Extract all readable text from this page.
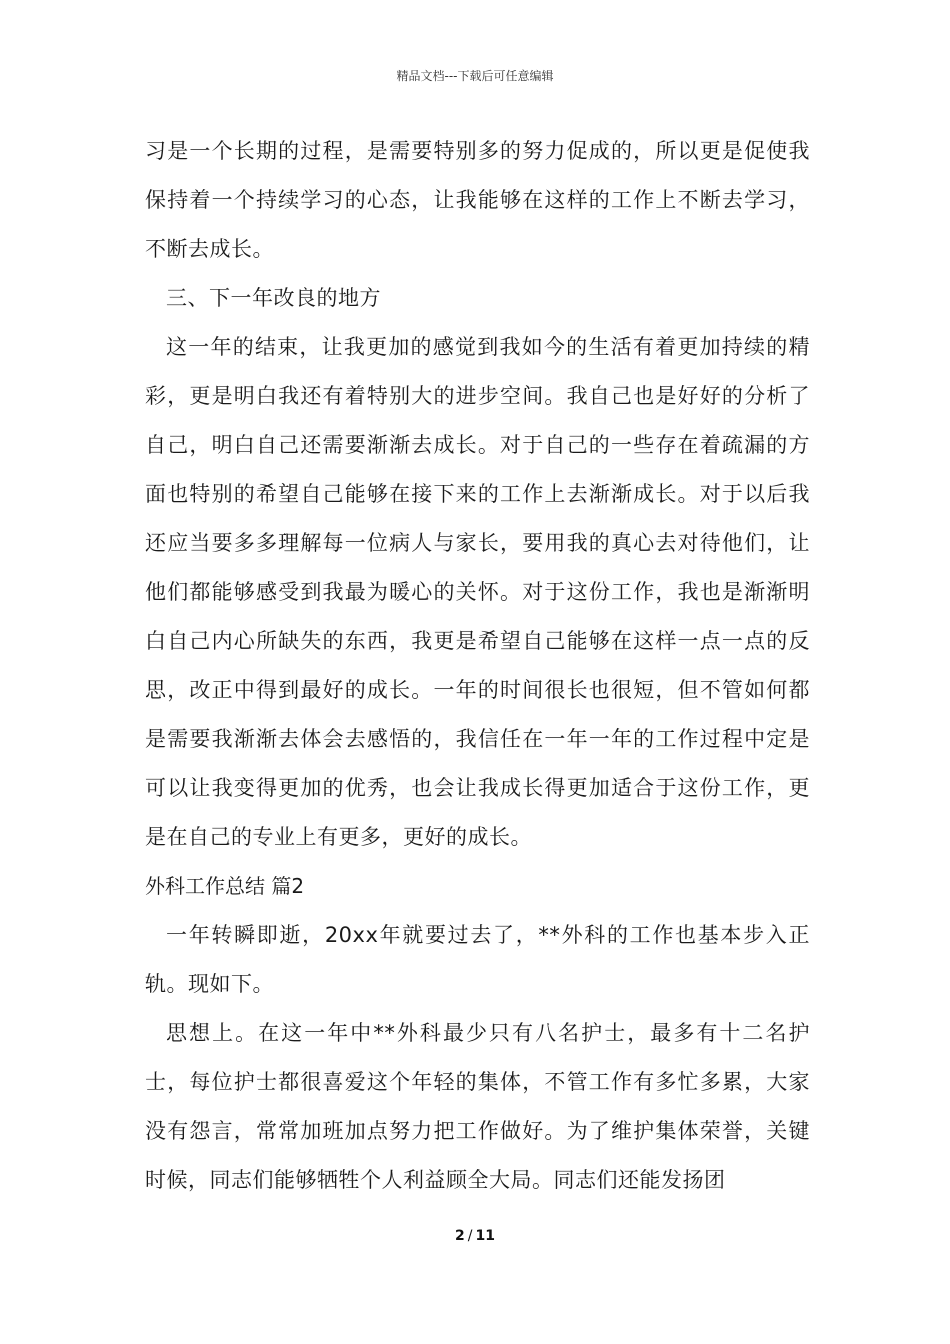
精品文档---下载后可任意编辑

习是一个长期的过程，是需要特别多的努力促成的，所以更是促使我保持着一个持续学习的心态，让我能够在这样的工作上不断去学习，不断去成长。

三、下一年改良的地方

这一年的结束，让我更加的感觉到我如今的生活有着更加持续的精彩，更是明白我还有着特别大的进步空间。我自己也是好好的分析了自己，明白自己还需要渐渐去成长。对于自己的一些存在着疏漏的方面也特别的希望自己能够在接下来的工作上去渐渐成长。对于以后我还应当要多多理解每一位病人与家长，要用我的真心去对待他们，让他们都能够感受到我最为暖心的关怀。对于这份工作，我也是渐渐明白自己内心所缺失的东西，我更是希望自己能够在这样一点一点的反思，改正中得到最好的成长。一年的时间很长也很短，但不管如何都是需要我渐渐去体会去感悟的，我信任在一年一年的工作过程中定是可以让我变得更加的优秀，也会让我成长得更加适合于这份工作，更是在自己的专业上有更多，更好的成长。

外科工作总结 篇2

一年转瞬即逝，20xx年就要过去了，**外科的工作也基本步入正轨。现如下。

思想上。在这一年中**外科最少只有八名护士，最多有十二名护士，每位护士都很喜爱这个年轻的集体，不管工作有多忙多累，大家没有怨言，常常加班加点努力把工作做好。为了维护集体荣誉，关键时候，同志们能够牺牲个人利益顾全大局。同志们还能发扬团

2 / 11
